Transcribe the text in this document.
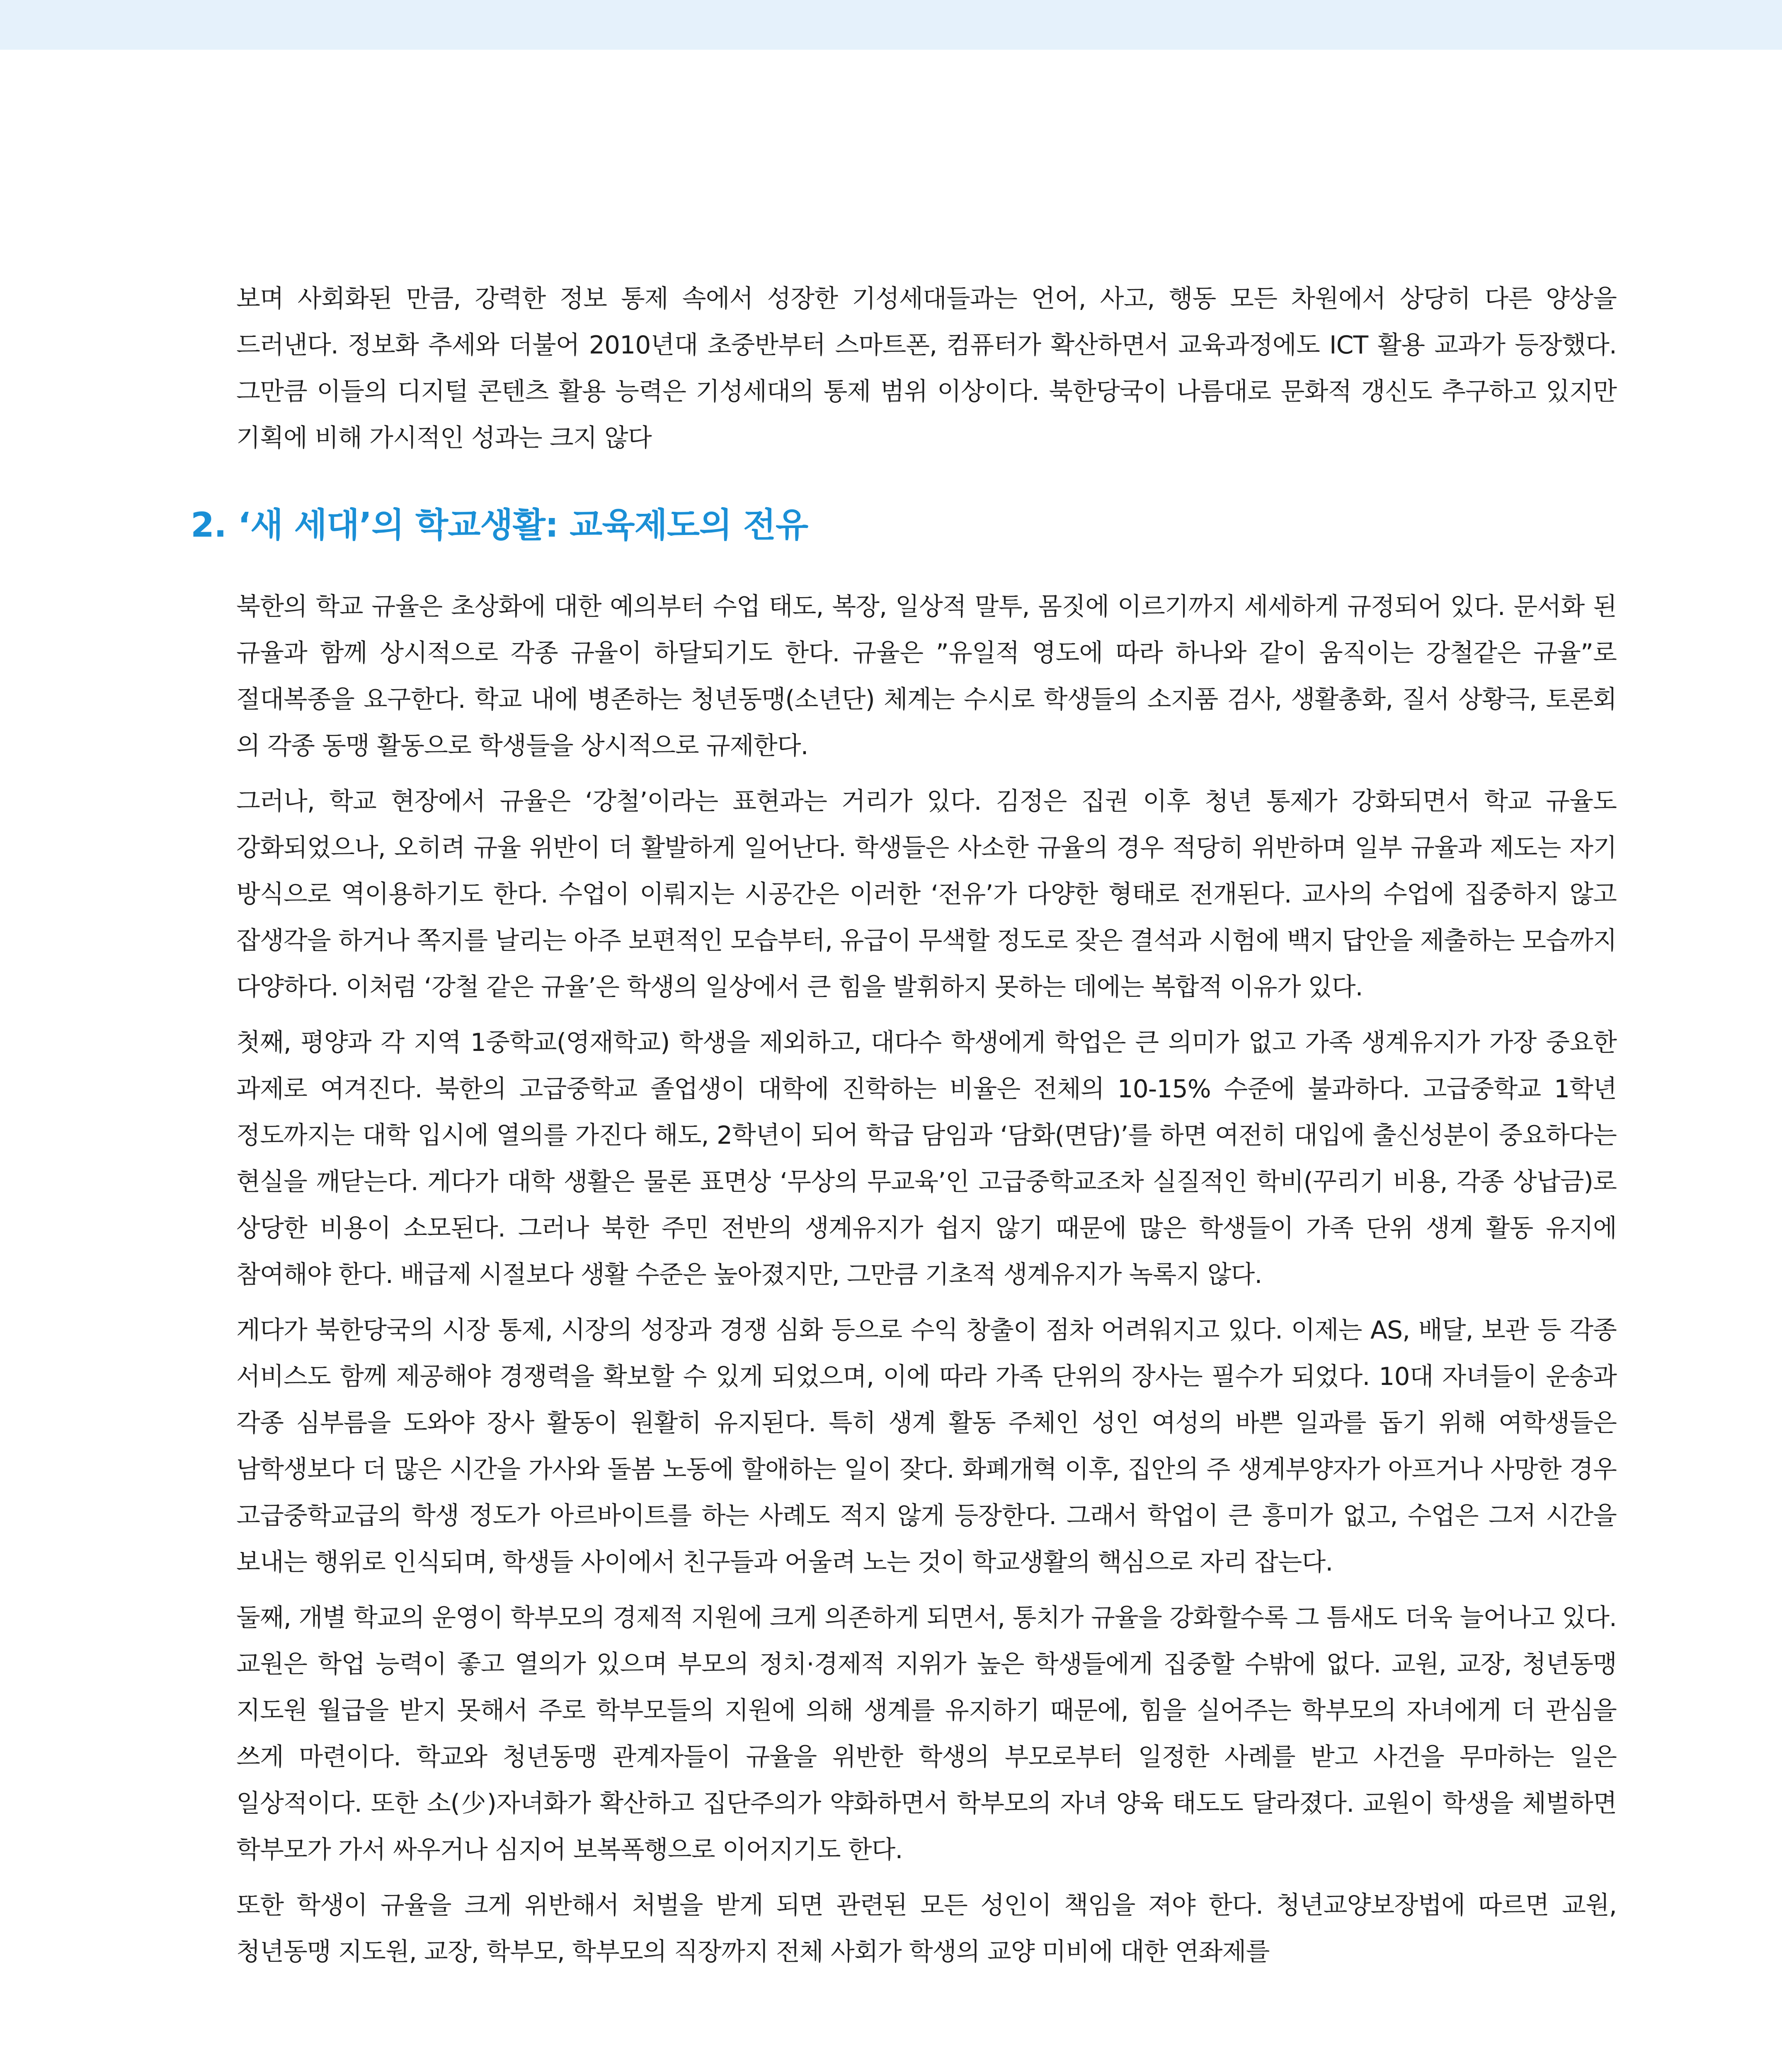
보며 사회화된 만큼, 강력한 정보 통제 속에서 성장한 기성세대들과는 언어, 사고, 행동 모든 차원에서 상당히 다른 양상을 드러낸다. 정보화 추세와 더불어 2010년대 초중반부터 스마트폰, 컴퓨터가 확산하면서 교육과정에도 ICT 활용 교과가 등장했다. 그만큼 이들의 디지털 콘텐츠 활용 능력은 기성세대의 통제 범위 이상이다. 북한당국이 나름대로 문화적 갱신도 추구하고 있지만 기획에 비해 가시적인 성과는 크지 않다

2. ‘새 세대’의 학교생활: 교육제도의 전유

북한의 학교 규율은 초상화에 대한 예의부터 수업 태도, 복장, 일상적 말투, 몸짓에 이르기까지 세세하게 규정되어 있다. 문서화 된 규율과 함께 상시적으로 각종 규율이 하달되기도 한다. 규율은 ”유일적 영도에 따라 하나와 같이 움직이는 강철같은 규율”로 절대복종을 요구한다. 학교 내에 병존하는 청년동맹(소년단) 체계는 수시로 학생들의 소지품 검사, 생활총화, 질서 상황극, 토론회 의 각종 동맹 활동으로 학생들을 상시적으로 규제한다.

그러나, 학교 현장에서 규율은 ‘강철’이라는 표현과는 거리가 있다. 김정은 집권 이후 청년 통제가 강화되면서 학교 규율도 강화되었으나, 오히려 규율 위반이 더 활발하게 일어난다. 학생들은 사소한 규율의 경우 적당히 위반하며 일부 규율과 제도는 자기 방식으로 역이용하기도 한다. 수업이 이뤄지는 시공간은 이러한 ‘전유’가 다양한 형태로 전개된다. 교사의 수업에 집중하지 않고 잡생각을 하거나 쪽지를 날리는 아주 보편적인 모습부터, 유급이 무색할 정도로 잦은 결석과 시험에 백지 답안을 제출하는 모습까지 다양하다. 이처럼 ‘강철 같은 규율’은 학생의 일상에서 큰 힘을 발휘하지 못하는 데에는 복합적 이유가 있다.

첫째, 평양과 각 지역 1중학교(영재학교) 학생을 제외하고, 대다수 학생에게 학업은 큰 의미가 없고 가족 생계유지가 가장 중요한 과제로 여겨진다. 북한의 고급중학교 졸업생이 대학에 진학하는 비율은 전체의 10-15% 수준에 불과하다. 고급중학교 1학년 정도까지는 대학 입시에 열의를 가진다 해도, 2학년이 되어 학급 담임과 ‘담화(면담)’를 하면 여전히 대입에 출신성분이 중요하다는 현실을 깨닫는다. 게다가 대학 생활은 물론 표면상 ‘무상의 무교육’인 고급중학교조차 실질적인 학비(꾸리기 비용, 각종 상납금)로 상당한 비용이 소모된다. 그러나 북한 주민 전반의 생계유지가 쉽지 않기 때문에 많은 학생들이 가족 단위 생계 활동 유지에 참여해야 한다. 배급제 시절보다 생활 수준은 높아졌지만, 그만큼 기초적 생계유지가 녹록지 않다.

게다가 북한당국의 시장 통제, 시장의 성장과 경쟁 심화 등으로 수익 창출이 점차 어려워지고 있다. 이제는 AS, 배달, 보관 등 각종 서비스도 함께 제공해야 경쟁력을 확보할 수 있게 되었으며, 이에 따라 가족 단위의 장사는 필수가 되었다. 10대 자녀들이 운송과 각종 심부름을 도와야 장사 활동이 원활히 유지된다. 특히 생계 활동 주체인 성인 여성의 바쁜 일과를 돕기 위해 여학생들은 남학생보다 더 많은 시간을 가사와 돌봄 노동에 할애하는 일이 잦다. 화폐개혁 이후, 집안의 주 생계부양자가 아프거나 사망한 경우 고급중학교급의 학생 정도가 아르바이트를 하는 사례도 적지 않게 등장한다. 그래서 학업이 큰 흥미가 없고, 수업은 그저 시간을 보내는 행위로 인식되며, 학생들 사이에서 친구들과 어울려 노는 것이 학교생활의 핵심으로 자리 잡는다.

둘째, 개별 학교의 운영이 학부모의 경제적 지원에 크게 의존하게 되면서, 통치가 규율을 강화할수록 그 틈새도 더욱 늘어나고 있다. 교원은 학업 능력이 좋고 열의가 있으며 부모의 정치·경제적 지위가 높은 학생들에게 집중할 수밖에 없다. 교원, 교장, 청년동맹 지도원 월급을 받지 못해서 주로 학부모들의 지원에 의해 생계를 유지하기 때문에, 힘을 실어주는 학부모의 자녀에게 더 관심을 쓰게 마련이다. 학교와 청년동맹 관계자들이 규율을 위반한 학생의 부모로부터 일정한 사례를 받고 사건을 무마하는 일은 일상적이다. 또한 소(少)자녀화가 확산하고 집단주의가 약화하면서 학부모의 자녀 양육 태도도 달라졌다. 교원이 학생을 체벌하면 학부모가 가서 싸우거나 심지어 보복폭행으로 이어지기도 한다.

또한 학생이 규율을 크게 위반해서 처벌을 받게 되면 관련된 모든 성인이 책임을 져야 한다. 청년교양보장법에 따르면 교원, 청년동맹 지도원, 교장, 학부모, 학부모의 직장까지 전체 사회가 학생의 교양 미비에 대한 연좌제를
